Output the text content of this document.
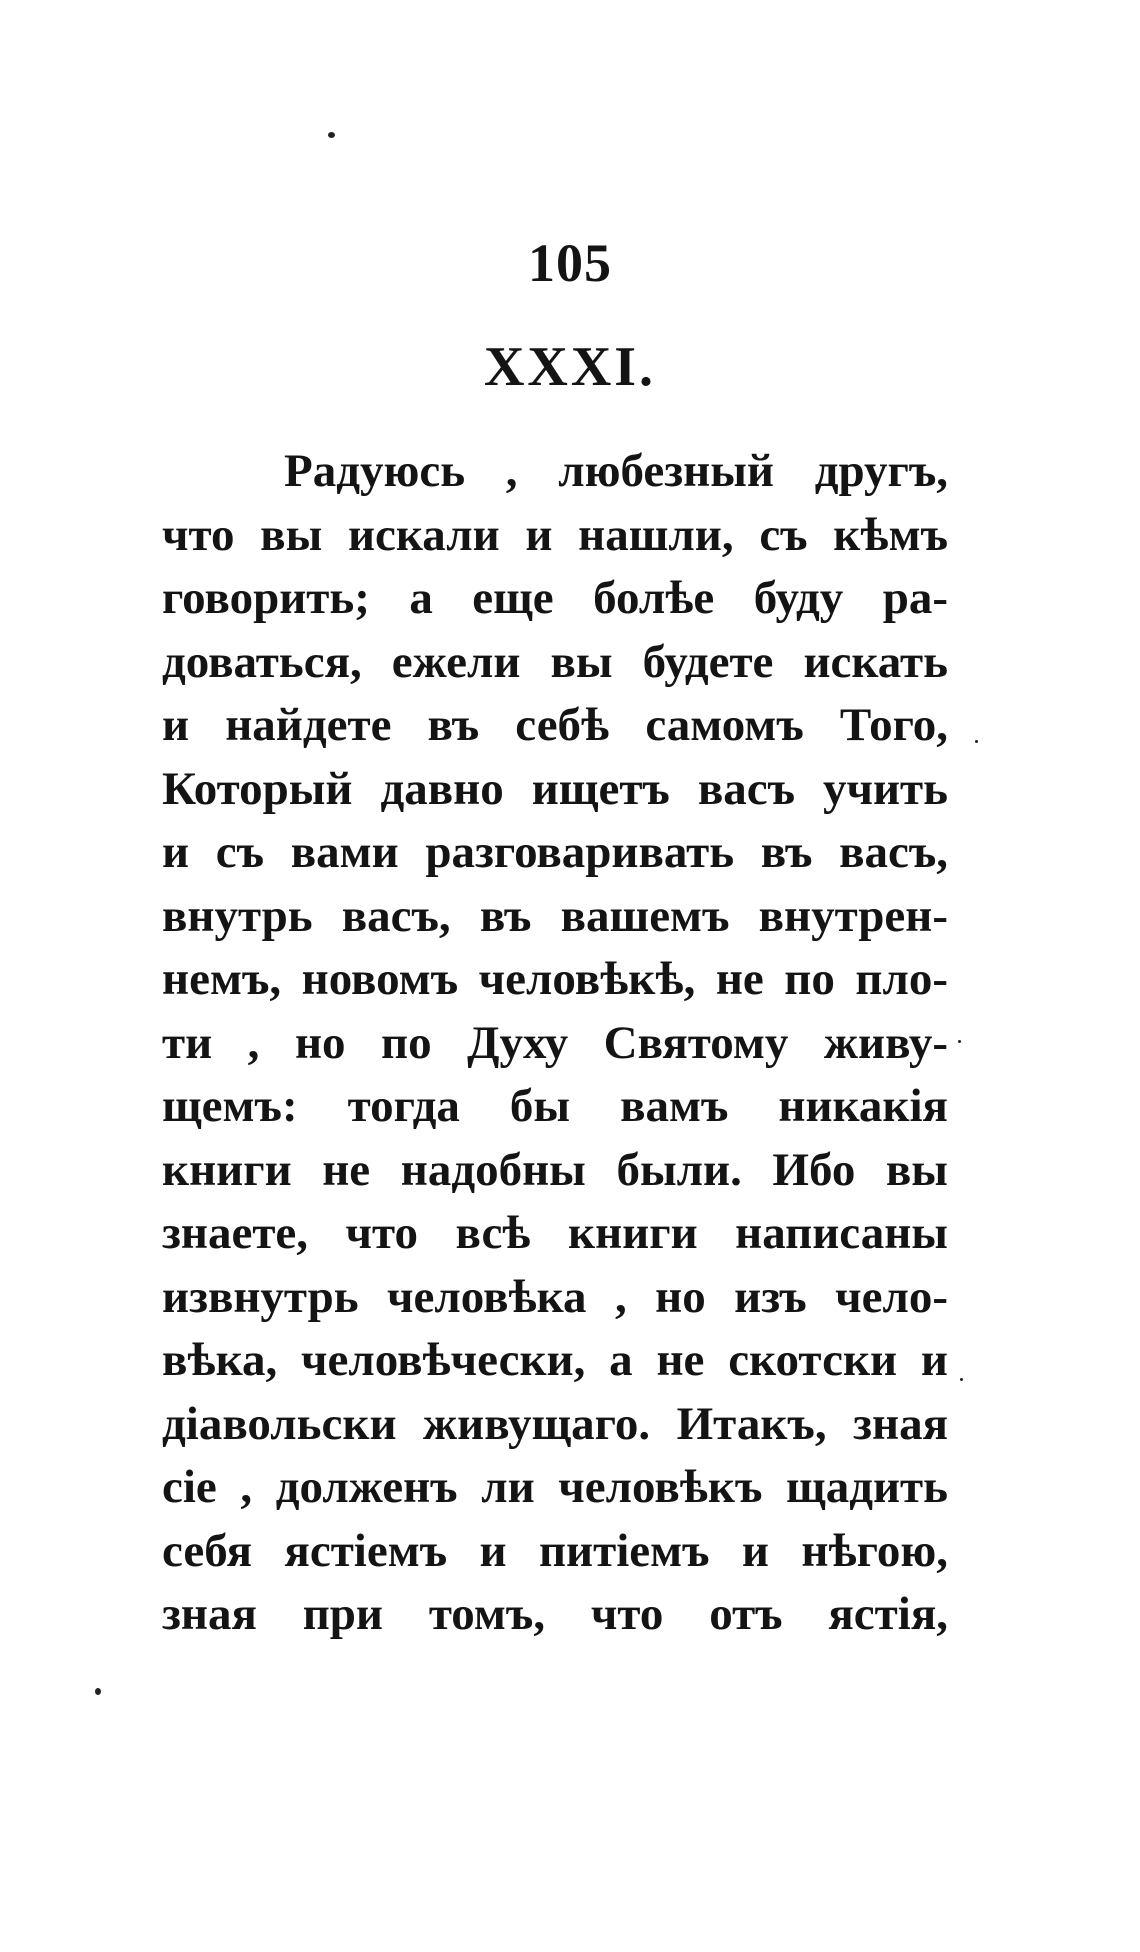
105
XXXI.
Радуюсь , любезный другъ,
что вы искали и нашли, съ кѣмъ
говорить; а еще болѣе буду ра-
доваться, ежели вы будете искать
и найдете въ себѣ самомъ Того,
Который давно ищетъ васъ учить
и съ вами разговаривать въ васъ,
внутрь васъ, въ вашемъ внутрен-
немъ, новомъ человѣкѣ, не по пло-
ти , но по Духу Святому живу-
щемъ: тогда бы вамъ никакія
книги не надобны были. Ибо вы
знаете, что всѣ книги написаны
извнутрь человѣка , но изъ чело-
вѣка, человѣчески, а не скотски и
діавольски живущаго. Итакъ, зная
сіе , долженъ ли человѣкъ щадить
себя ястіемъ и питіемъ и нѣгою,
зная при томъ, что отъ ястія,
